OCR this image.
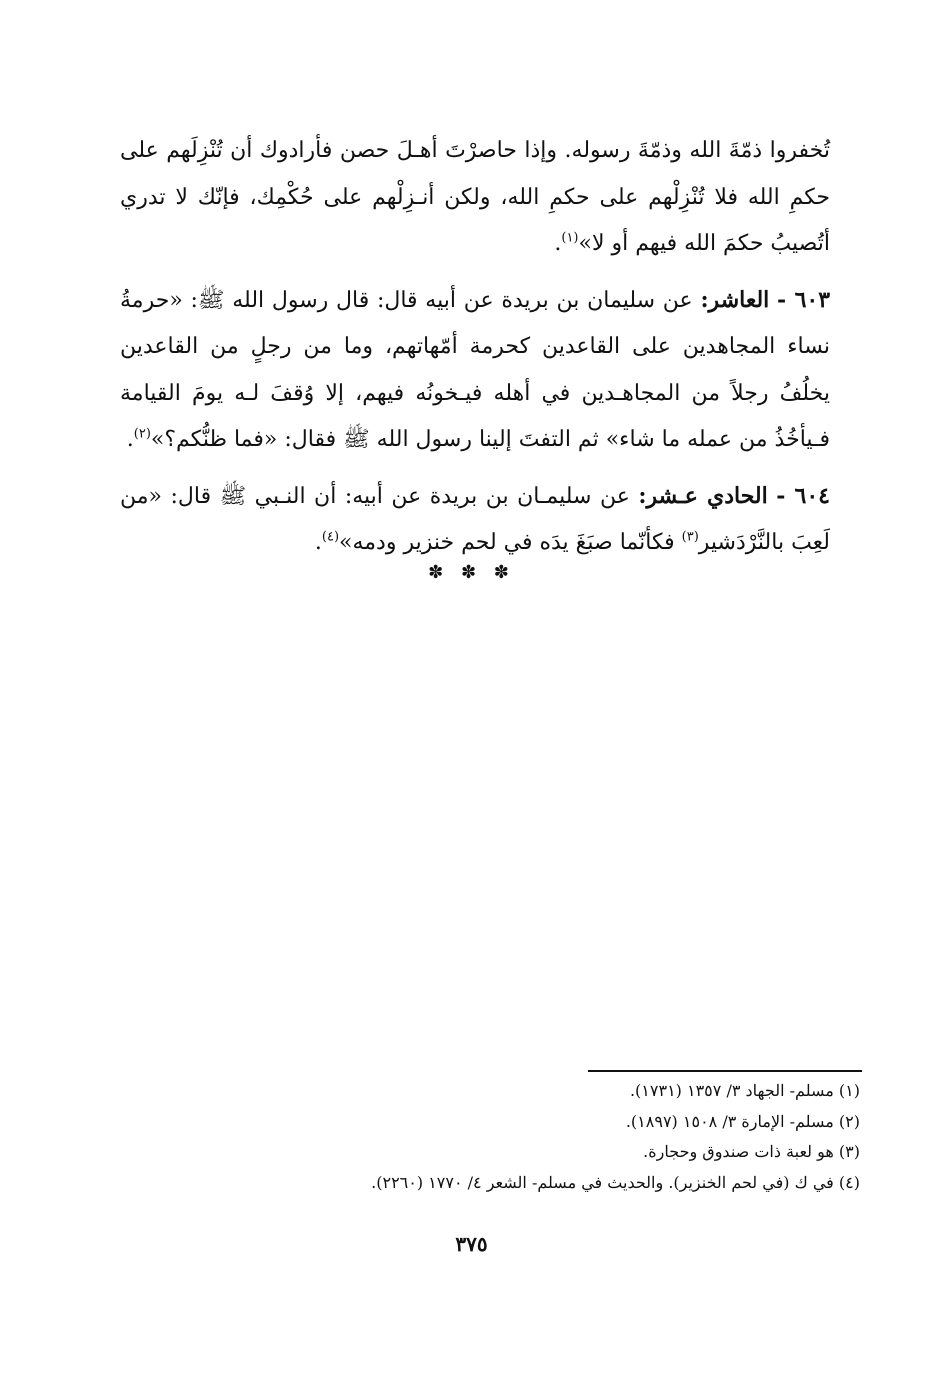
تُخفروا ذمّةَ الله وذمّةَ رسوله. وإذا حاصرْتَ أهـلَ حصن فأرادوك أن تُنْزِلَهم على حكمِ الله فلا تُنْزِلْهم على حكمِ الله، ولكن أنـزِلْهم على حُكْمِك، فإنّك لا تدري أتُصيبُ حكمَ الله فيهم أو لا»$^{(١)}$.

٦٠٣ - العاشر: عن سليمان بن بريدة عن أبيه قال: قال رسول الله ﷺ: «حرمةُ نساء المجاهدين على القاعدين كحرمة أمّهاتهم، وما من رجلٍ من القاعدين يخلُفُ رجلاً من المجاهـدين في أهله فيـخونُه فيهم، إلا وُقفَ لـه يومَ القيامة فـيأخُذُ من عمله ما شاء» ثم التفتَ إلينا رسول الله ﷺ فقال: «فما ظنُّكم؟»$^{(٢)}$.

٦٠٤ - الحادي عـشر: عن سليمـان بن بريدة عن أبيه: أن النـبي ﷺ قال: «من لَعِبَ بالنَّرْدَشير$^{(٣)}$ فكأنّما صبَغَ يدَه في لحم خنزير ودمه»$^{(٤)}$.

✽ ✽ ✽
(١) مسلم- الجهاد ٣/ ١٣٥٧ (١٧٣١).
(٢) مسلم- الإمارة ٣/ ١٥٠٨ (١٨٩٧).
(٣) هو لعبة ذات صندوق وحجارة.
(٤) في ك (في لحم الخنزير). والحديث في مسلم- الشعر ٤/ ١٧٧٠ (٢٢٦٠).
٣٧٥
